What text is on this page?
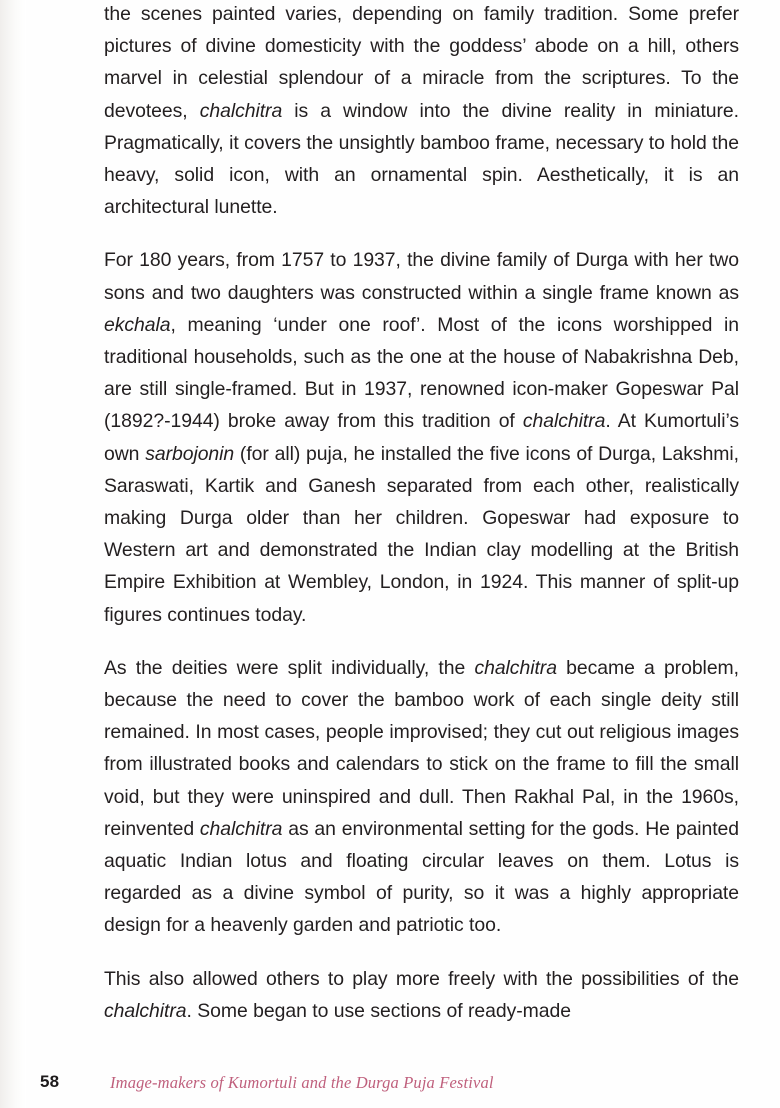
the scenes painted varies, depending on family tradition. Some prefer pictures of divine domesticity with the goddess’ abode on a hill, others marvel in celestial splendour of a miracle from the scriptures. To the devotees, chalchitra is a window into the divine reality in miniature. Pragmatically, it covers the unsightly bamboo frame, necessary to hold the heavy, solid icon, with an ornamental spin. Aesthetically, it is an architectural lunette.

For 180 years, from 1757 to 1937, the divine family of Durga with her two sons and two daughters was constructed within a single frame known as ekchala, meaning ‘under one roof’. Most of the icons worshipped in traditional households, such as the one at the house of Nabakrishna Deb, are still single-framed. But in 1937, renowned icon-maker Gopeswar Pal (1892?-1944) broke away from this tradition of chalchitra. At Kumortuli’s own sarbojonin (for all) puja, he installed the five icons of Durga, Lakshmi, Saraswati, Kartik and Ganesh separated from each other, realistically making Durga older than her children. Gopeswar had exposure to Western art and demonstrated the Indian clay modelling at the British Empire Exhibition at Wembley, London, in 1924. This manner of split-up figures continues today.

As the deities were split individually, the chalchitra became a problem, because the need to cover the bamboo work of each single deity still remained. In most cases, people improvised; they cut out religious images from illustrated books and calendars to stick on the frame to fill the small void, but they were uninspired and dull. Then Rakhal Pal, in the 1960s, reinvented chalchitra as an environmental setting for the gods. He painted aquatic Indian lotus and floating circular leaves on them. Lotus is regarded as a divine symbol of purity, so it was a highly appropriate design for a heavenly garden and patriotic too.

This also allowed others to play more freely with the possibilities of the chalchitra. Some began to use sections of ready-made

58	Image-makers of Kumortuli and the Durga Puja Festival
